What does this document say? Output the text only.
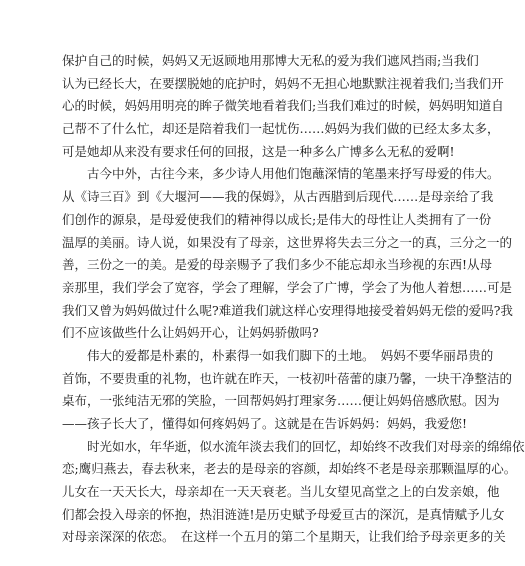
保护自己的时候，妈妈又无返顾地用那博大无私的爱为我们遮风挡雨;当我们
认为已经长大，在要摆脱她的庇护时，妈妈不无担心地默默注视着我们;当我们开
心的时候，妈妈用明亮的眸子微笑地看着我们;当我们难过的时候，妈妈明知道自
己帮不了什么忙，却还是陪着我们一起忧伤……妈妈为我们做的已经太多太多，
可是她却从来没有要求任何的回报，这是一种多么广博多么无私的爱啊!
古今中外，古往今来，多少诗人用他们饱蘸深情的笔墨来抒写母爱的伟大。
从《诗三百》到《大堰河——我的保姆》，从古西腊到后现代……是母亲给了我
们创作的源泉，是母爱使我们的精神得以成长;是伟大的母性让人类拥有了一份
温厚的美丽。诗人说，如果没有了母亲，这世界将失去三分之一的真，三分之一的
善，三份之一的美。是爱的母亲赐予了我们多少不能忘却永当珍视的东西!从母
亲那里，我们学会了宽容，学会了理解，学会了广博，学会了为他人着想……可是
我们又曾为妈妈做过什么呢?难道我们就这样心安理得地接受着妈妈无偿的爱吗?我
们不应该做些什么让妈妈开心，让妈妈骄傲吗?
伟大的爱都是朴素的，朴素得一如我们脚下的土地。　妈妈不要华丽昂贵的
首饰，不要贵重的礼物，也许就在昨天，一枝初叶蓓蕾的康乃馨，一块干净整洁的
桌布，一张纯洁无邪的笑脸，一回帮妈妈打理家务……便让妈妈倍感欣慰。因为
——孩子长大了，懂得如何疼妈妈了。这就是在告诉妈妈：妈妈，我爱您!
时光如水，年华逝，似水流年淡去我们的回忆，却始终不改我们对母亲的绵绵依
恋;鹰归燕去，春去秋来，老去的是母亲的容颜，却始终不老是母亲那颗温厚的心。
儿女在一天天长大，母亲却在一天天衰老。当儿女望见高堂之上的白发亲娘，他
们都会投入母亲的怀抱，热泪涟涟!是历史赋予母爱亘古的深沉，是真情赋予儿女
对母亲深深的依恋。　在这样一个五月的第二个星期天，让我们给予母亲更多的关
